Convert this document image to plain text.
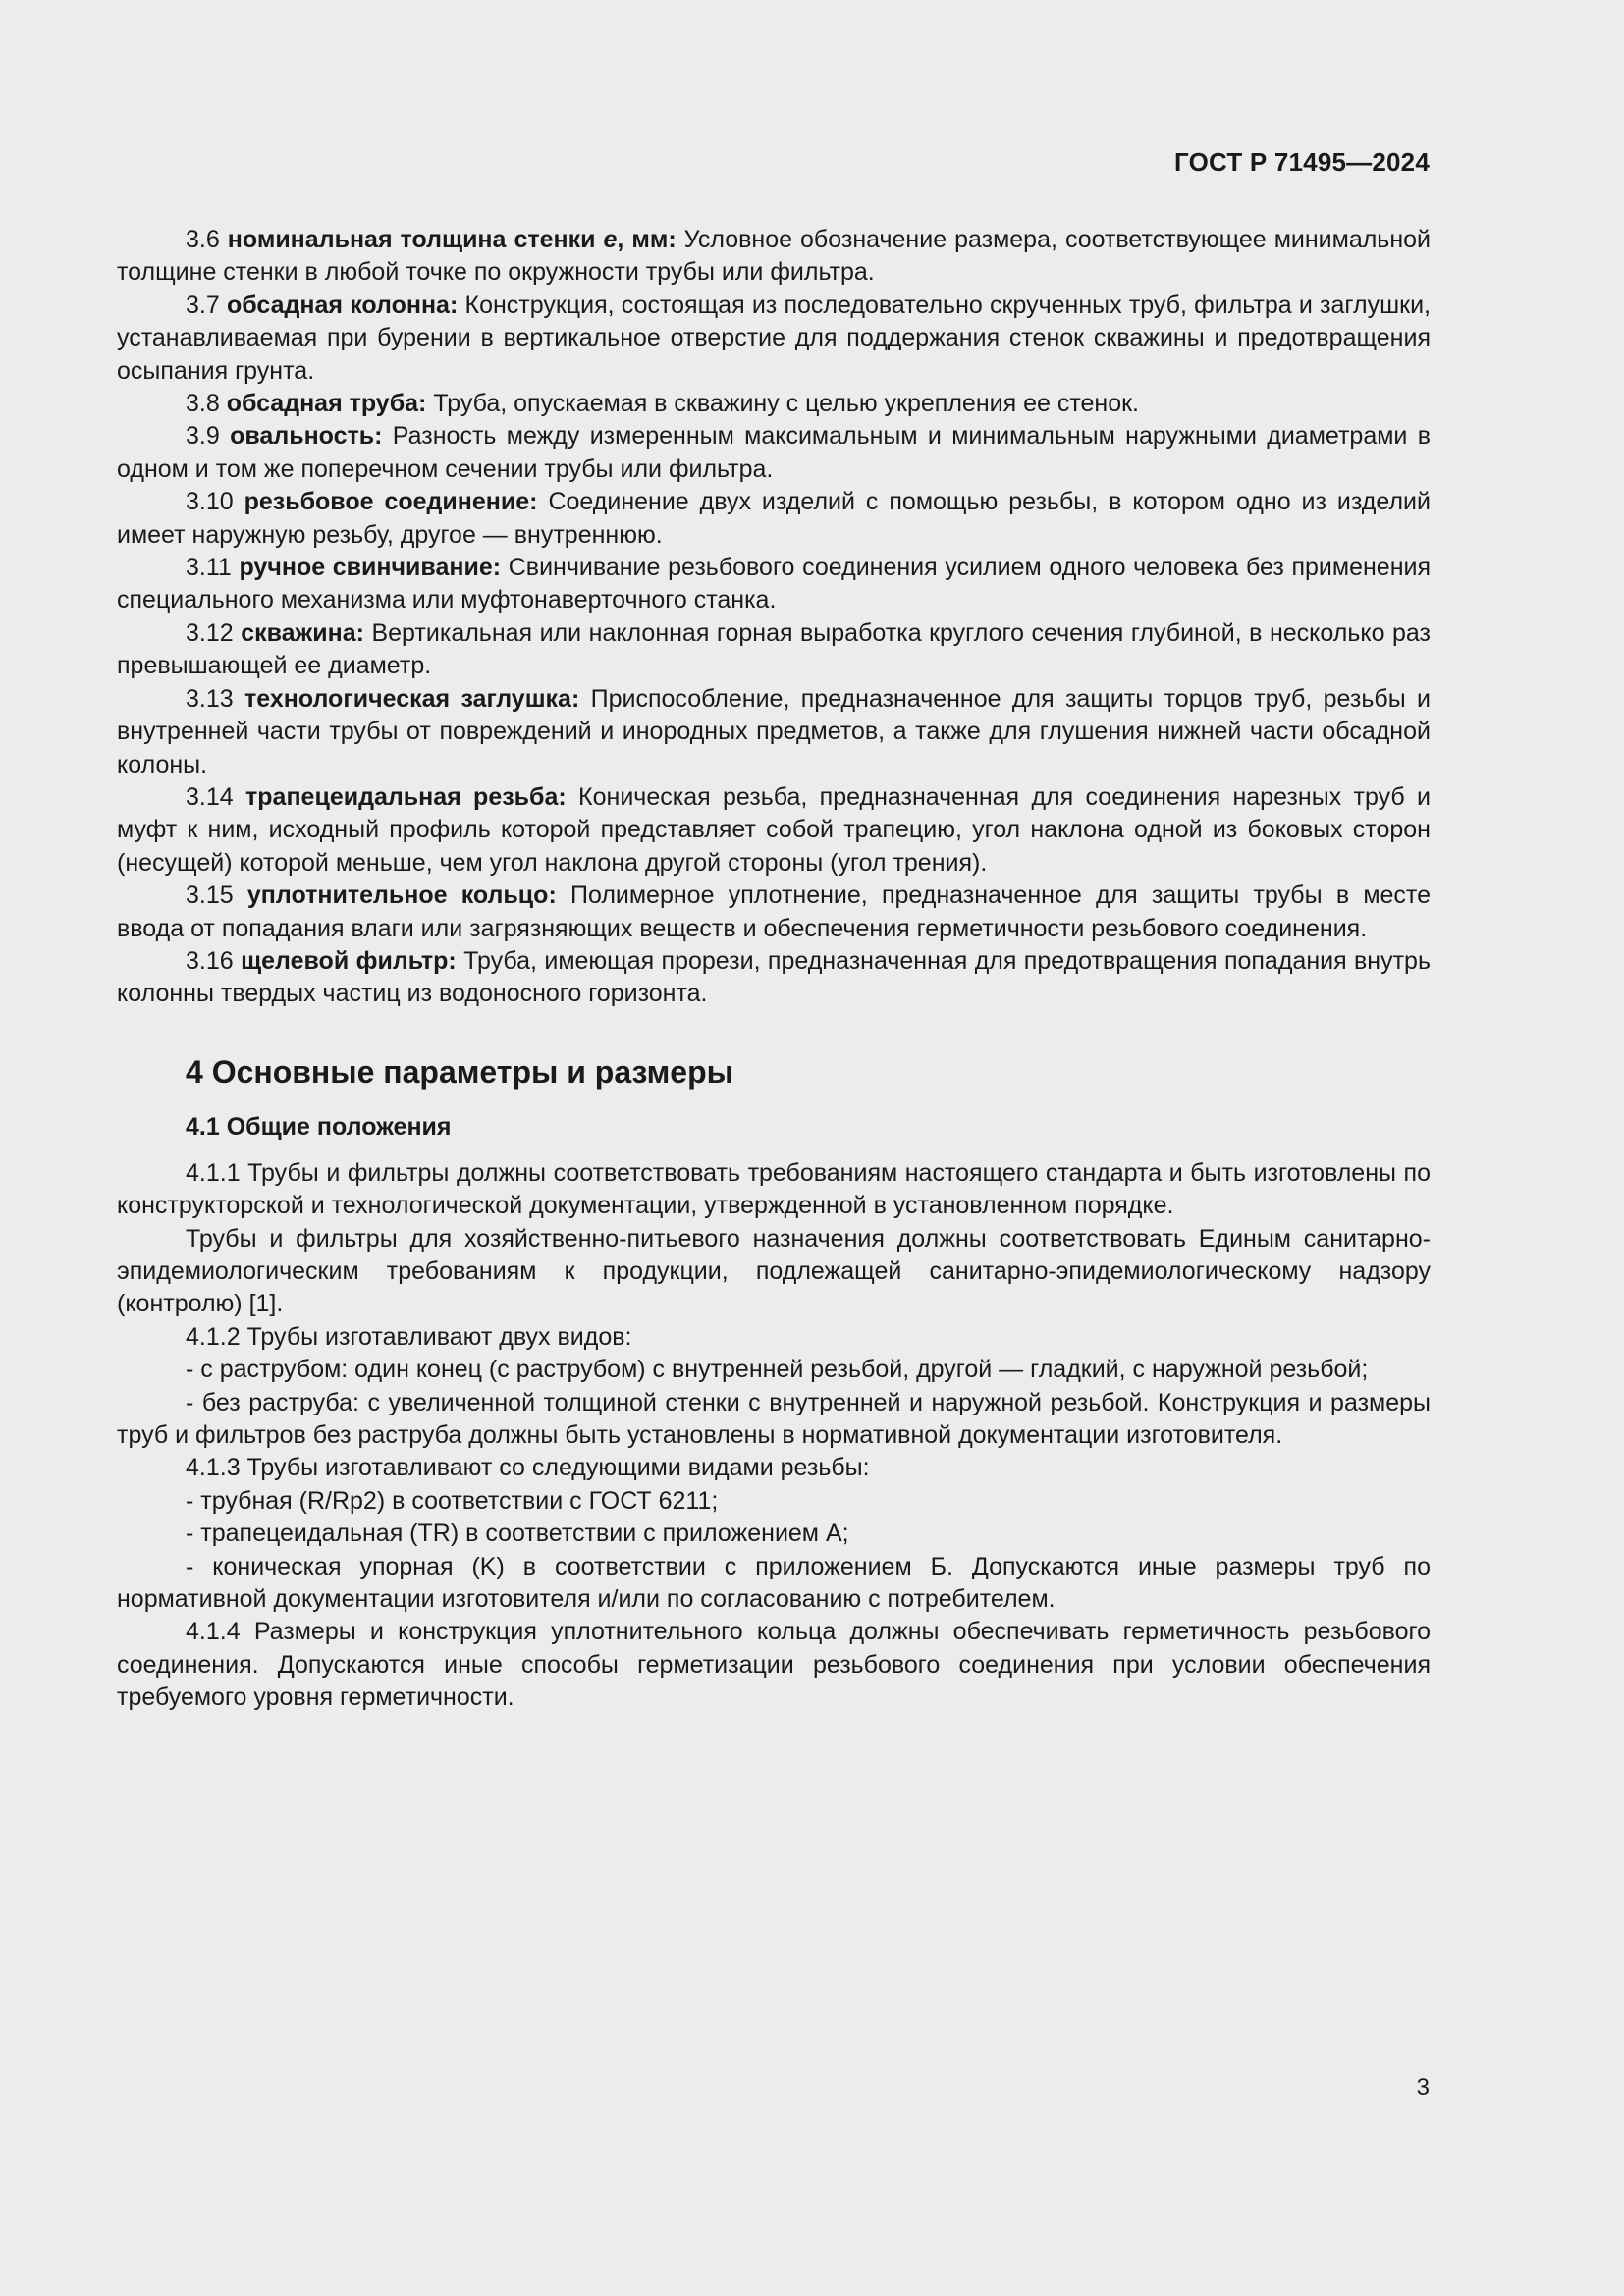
ГОСТ Р 71495—2024

3.6 номинальная толщина стенки e, мм: Условное обозначение размера, соответствующее минимальной толщине стенки в любой точке по окружности трубы или фильтра.

3.7 обсадная колонна: Конструкция, состоящая из последовательно скрученных труб, фильтра и заглушки, устанавливаемая при бурении в вертикальное отверстие для поддержания стенок скважины и предотвращения осыпания грунта.

3.8 обсадная труба: Труба, опускаемая в скважину с целью укрепления ее стенок.

3.9 овальность: Разность между измеренным максимальным и минимальным наружными диаметрами в одном и том же поперечном сечении трубы или фильтра.

3.10 резьбовое соединение: Соединение двух изделий с помощью резьбы, в котором одно из изделий имеет наружную резьбу, другое — внутреннюю.

3.11 ручное свинчивание: Свинчивание резьбового соединения усилием одного человека без применения специального механизма или муфтонаверточного станка.

3.12 скважина: Вертикальная или наклонная горная выработка круглого сечения глубиной, в несколько раз превышающей ее диаметр.

3.13 технологическая заглушка: Приспособление, предназначенное для защиты торцов труб, резьбы и внутренней части трубы от повреждений и инородных предметов, а также для глушения нижней части обсадной колоны.

3.14 трапецеидальная резьба: Коническая резьба, предназначенная для соединения нарезных труб и муфт к ним, исходный профиль которой представляет собой трапецию, угол наклона одной из боковых сторон (несущей) которой меньше, чем угол наклона другой стороны (угол трения).

3.15 уплотнительное кольцо: Полимерное уплотнение, предназначенное для защиты трубы в месте ввода от попадания влаги или загрязняющих веществ и обеспечения герметичности резьбового соединения.

3.16 щелевой фильтр: Труба, имеющая прорези, предназначенная для предотвращения попадания внутрь колонны твердых частиц из водоносного горизонта.

4 Основные параметры и размеры
4.1 Общие положения

4.1.1 Трубы и фильтры должны соответствовать требованиям настоящего стандарта и быть изготовлены по конструкторской и технологической документации, утвержденной в установленном порядке.

Трубы и фильтры для хозяйственно-питьевого назначения должны соответствовать Единым санитарно-эпидемиологическим требованиям к продукции, подлежащей санитарно-эпидемиологическому надзору (контролю) [1].

4.1.2 Трубы изготавливают двух видов:

- с раструбом: один конец (с раструбом) с внутренней резьбой, другой — гладкий, с наружной резьбой;

- без раструба: с увеличенной толщиной стенки с внутренней и наружной резьбой. Конструкция и размеры труб и фильтров без раструба должны быть установлены в нормативной документации изготовителя.

4.1.3 Трубы изготавливают со следующими видами резьбы:

- трубная (R/Rp2) в соответствии с ГОСТ 6211;

- трапецеидальная (TR) в соответствии с приложением А;

- коническая упорная (K) в соответствии с приложением Б. Допускаются иные размеры труб по нормативной документации изготовителя и/или по согласованию с потребителем.

4.1.4 Размеры и конструкция уплотнительного кольца должны обеспечивать герметичность резьбового соединения. Допускаются иные способы герметизации резьбового соединения при условии обеспечения требуемого уровня герметичности.

3
